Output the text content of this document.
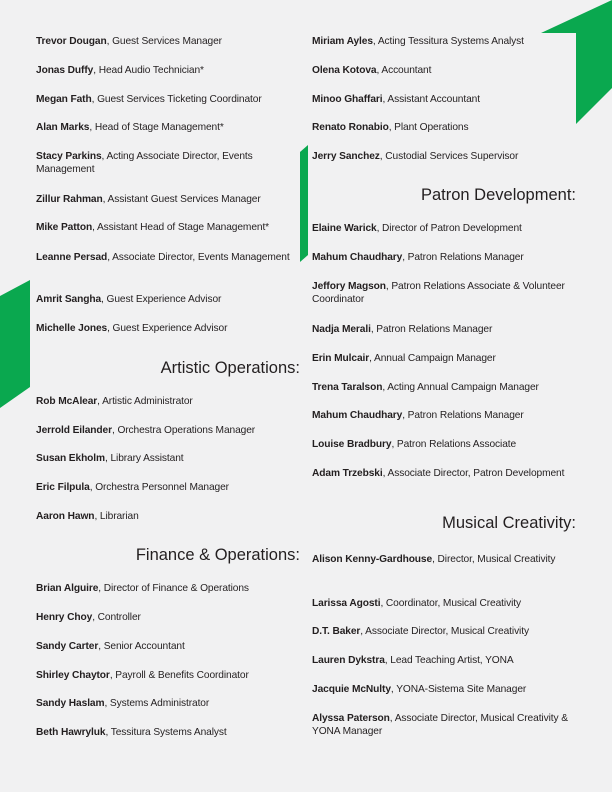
Trevor Dougan, Guest Services Manager
Jonas Duffy, Head Audio Technician*
Megan Fath, Guest Services Ticketing Coordinator
Alan Marks, Head of Stage Management*
Stacy Parkins, Acting Associate Director, Events Management
Zillur Rahman, Assistant Guest Services Manager
Mike Patton, Assistant Head of Stage Management*
Leanne Persad, Associate Director, Events Management
Amrit Sangha, Guest Experience Advisor
Michelle Jones, Guest Experience Advisor
Artistic Operations:
Rob McAlear, Artistic Administrator
Jerrold Eilander, Orchestra Operations Manager
Susan Ekholm, Library Assistant
Eric Filpula, Orchestra Personnel Manager
Aaron Hawn, Librarian
Finance & Operations:
Brian Alguire, Director of Finance & Operations
Henry Choy, Controller
Sandy Carter, Senior Accountant
Shirley Chaytor, Payroll & Benefits Coordinator
Sandy Haslam, Systems Administrator
Beth Hawryluk, Tessitura Systems Analyst
Miriam Ayles, Acting Tessitura Systems Analyst
Olena Kotova, Accountant
Minoo Ghaffari, Assistant Accountant
Renato Ronabio, Plant Operations
Jerry Sanchez, Custodial Services Supervisor
Patron Development:
Elaine Warick, Director of Patron Development
Mahum Chaudhary, Patron Relations Manager
Jeffory Magson, Patron Relations Associate & Volunteer Coordinator
Nadja Merali, Patron Relations Manager
Erin Mulcair, Annual Campaign Manager
Trena Taralson, Acting Annual Campaign Manager
Mahum Chaudhary, Patron Relations Manager
Louise Bradbury, Patron Relations Associate
Adam Trzebski, Associate Director, Patron Development
Musical Creativity:
Alison Kenny-Gardhouse, Director, Musical Creativity
Larissa Agosti, Coordinator, Musical Creativity
D.T. Baker, Associate Director, Musical Creativity
Lauren Dykstra, Lead Teaching Artist, YONA
Jacquie McNulty, YONA-Sistema Site Manager
Alyssa Paterson, Associate Director, Musical Creativity & YONA Manager
